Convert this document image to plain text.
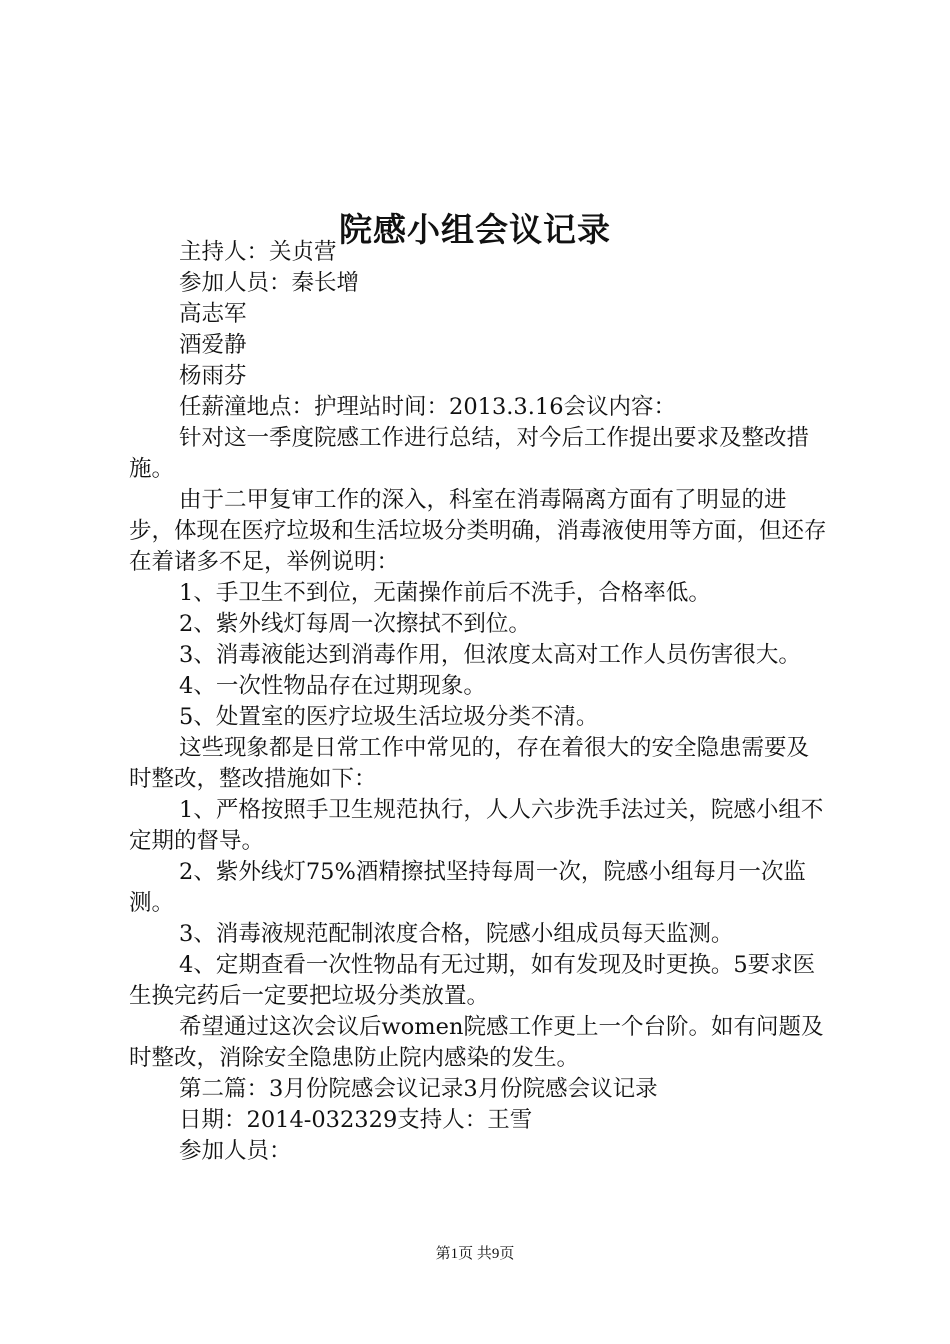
院感小组会议记录

主持人：关贞营

参加人员：秦长增

高志军

酒爱静

杨雨芬

任薪潼地点：护理站时间：2013.3.16会议内容：

针对这一季度院感工作进行总结，对今后工作提出要求及整改措施。

由于二甲复审工作的深入，科室在消毒隔离方面有了明显的进步，体现在医疗垃圾和生活垃圾分类明确，消毒液使用等方面，但还存在着诸多不足，举例说明：

1、手卫生不到位，无菌操作前后不洗手，合格率低。

2、紫外线灯每周一次擦拭不到位。

3、消毒液能达到消毒作用，但浓度太高对工作人员伤害很大。

4、一次性物品存在过期现象。

5、处置室的医疗垃圾生活垃圾分类不清。

这些现象都是日常工作中常见的，存在着很大的安全隐患需要及时整改，整改措施如下：

1、严格按照手卫生规范执行，人人六步洗手法过关，院感小组不定期的督导。

2、紫外线灯75%酒精擦拭坚持每周一次，院感小组每月一次监测。

3、消毒液规范配制浓度合格，院感小组成员每天监测。

4、定期查看一次性物品有无过期，如有发现及时更换。5要求医生换完药后一定要把垃圾分类放置。

希望通过这次会议后women院感工作更上一个台阶。如有问题及时整改，消除安全隐患防止院内感染的发生。

第二篇：3月份院感会议记录3月份院感会议记录

日期：2014-032329支持人：王雪

参加人员：

第1页 共9页
